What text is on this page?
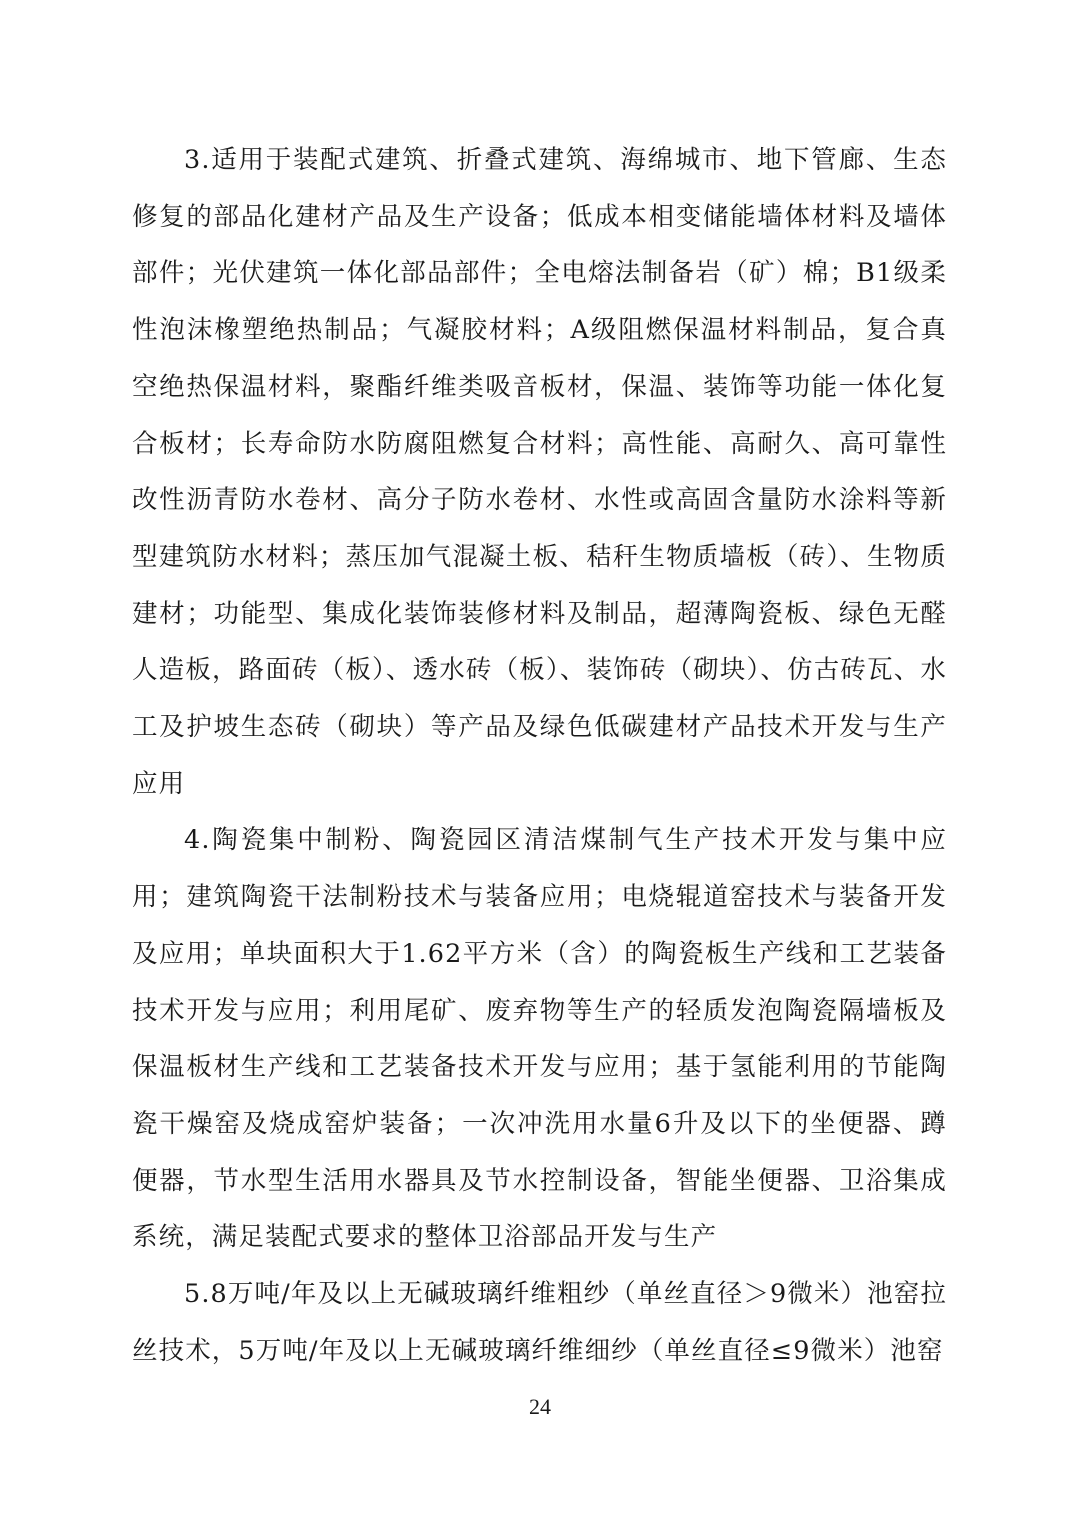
3.适用于装配式建筑、折叠式建筑、海绵城市、地下管廊、生态修复的部品化建材产品及生产设备；低成本相变储能墙体材料及墙体部件；光伏建筑一体化部品部件；全电熔法制备岩（矿）棉；B1级柔性泡沫橡塑绝热制品；气凝胶材料；A级阻燃保温材料制品，复合真空绝热保温材料，聚酯纤维类吸音板材，保温、装饰等功能一体化复合板材；长寿命防水防腐阻燃复合材料；高性能、高耐久、高可靠性改性沥青防水卷材、高分子防水卷材、水性或高固含量防水涂料等新型建筑防水材料；蒸压加气混凝土板、秸秆生物质墙板（砖）、生物质建材；功能型、集成化装饰装修材料及制品，超薄陶瓷板、绿色无醛人造板，路面砖（板）、透水砖（板）、装饰砖（砌块）、仿古砖瓦、水工及护坡生态砖（砌块）等产品及绿色低碳建材产品技术开发与生产应用

4.陶瓷集中制粉、陶瓷园区清洁煤制气生产技术开发与集中应用；建筑陶瓷干法制粉技术与装备应用；电烧辊道窑技术与装备开发及应用；单块面积大于1.62平方米（含）的陶瓷板生产线和工艺装备技术开发与应用；利用尾矿、废弃物等生产的轻质发泡陶瓷隔墙板及保温板材生产线和工艺装备技术开发与应用；基于氢能利用的节能陶瓷干燥窑及烧成窑炉装备；一次冲洗用水量6升及以下的坐便器、蹲便器，节水型生活用水器具及节水控制设备，智能坐便器、卫浴集成系统，满足装配式要求的整体卫浴部品开发与生产

5.8万吨/年及以上无碱玻璃纤维粗纱（单丝直径＞9微米）池窑拉丝技术，5万吨/年及以上无碱玻璃纤维细纱（单丝直径≤9微米）池窑

24
